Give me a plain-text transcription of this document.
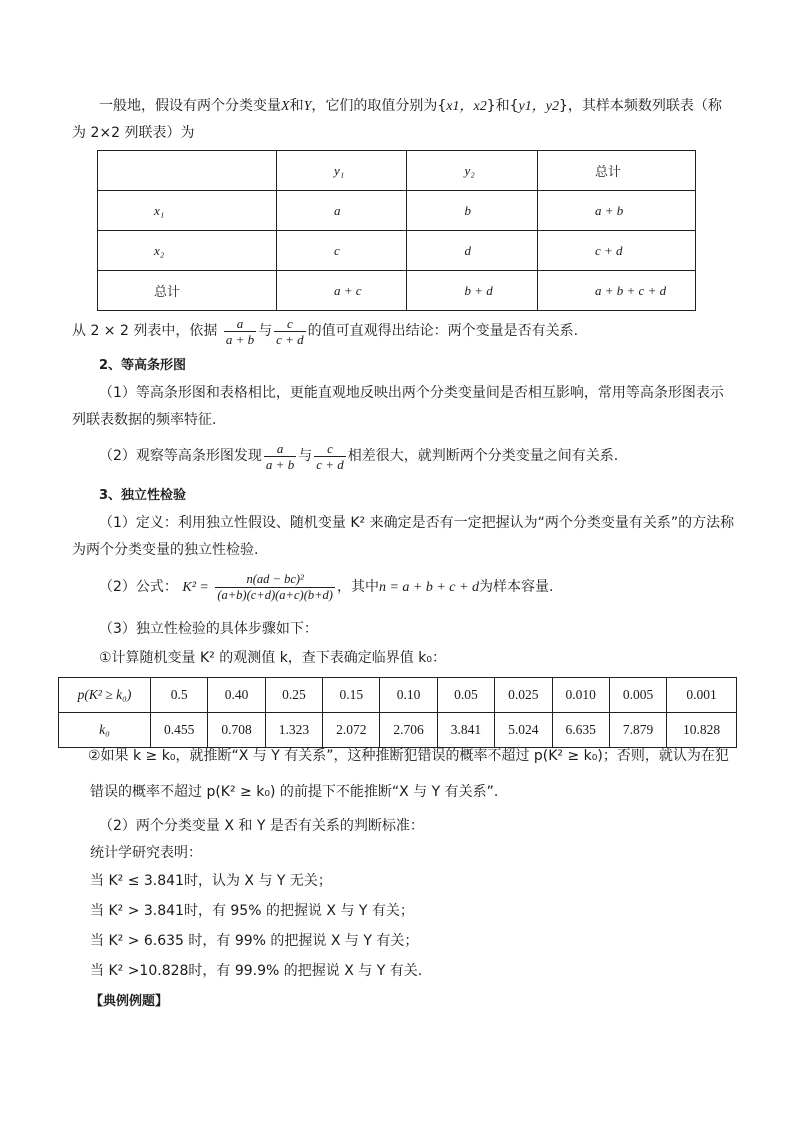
一般地，假设有两个分类变量X和Y，它们的取值分别为{x1，x2}和{y1，y2}，其样本频数列联表（称
为 2×2 列联表）为
	y₁	y₂	总计
x₁	a	b	a + b
x₂	c	d	c + d
总计	a + c	b + d	a + b + c + d
从 2 × 2 列表中，依据 $\frac{a}{a + b}$ 与 $\frac{c}{c + d}$ 的值可直观得出结论：两个变量是否有关系.
2、等高条形图
（1）等高条形图和表格相比，更能直观地反映出两个分类变量间是否相互影响，常用等高条形图表示
列联表数据的频率特征.
（2）观察等高条形图发现 $\frac{a}{a + b}$ 与 $\frac{c}{c + d}$ 相差很大，就判断两个分类变量之间有关系.
3、独立性检验
（1）定义：利用独立性假设、随机变量 K² 来确定是否有一定把握认为“两个分类变量有关系”的方法称
为两个分类变量的独立性检验.
（2）公式： $K^2 = \frac{\text{n(ad − bc)²}}{(a+b)(c+d)(a+c)(b+d)}$ ，其中n = a + b + c + d为样本容量.
（3）独立性检验的具体步骤如下：
①计算随机变量 K² 的观测值 k，查下表确定临界值 k₀：
p(K² ≥ k₀)	0.5	0.40	0.25	0.15	0.10	0.05	0.025	0.010	0.005	0.001
k₀	0.455	0.708	1.323	2.072	2.706	3.841	5.024	6.635	7.879	10.828
②如果 k ≥ k₀，就推断“X 与 Y 有关系”，这种推断犯错误的概率不超过 p(K² ≥ k₀)；否则，就认为在犯
错误的概率不超过 p(K² ≥ k₀) 的前提下不能推断“X 与 Y 有关系”.
（2）两个分类变量 X 和 Y 是否有关系的判断标准：
统计学研究表明：
当 K² ≤ 3.841时，认为 X 与 Y 无关；
当 K² > 3.841时，有 95% 的把握说 X 与 Y 有关；
当 K² > 6.635 时，有 99% 的把握说 X 与 Y 有关；
当 K² >10.828时，有 99.9% 的把握说 X 与 Y 有关.
【典例例题】
